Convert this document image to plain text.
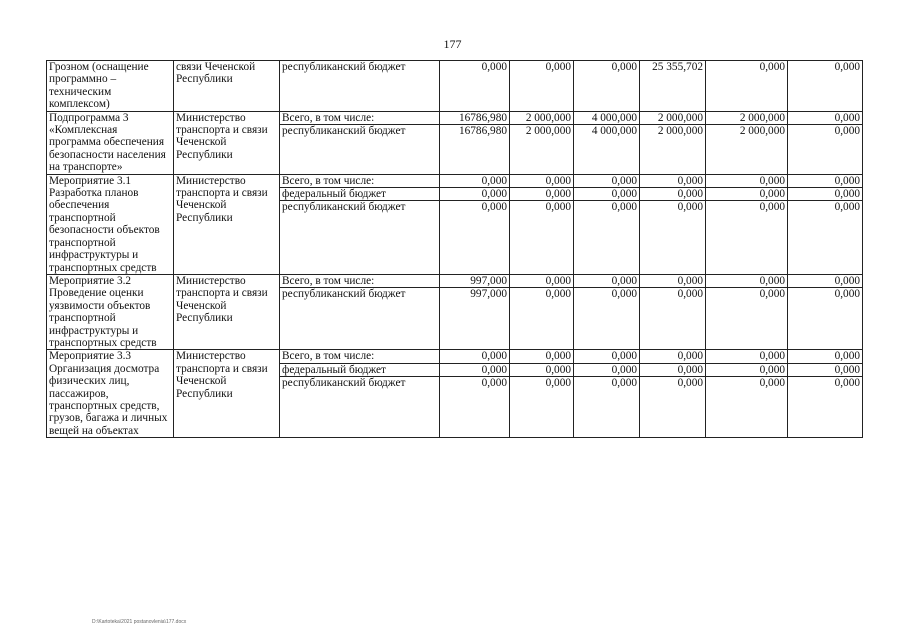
177
Грозном (оснащение программно – техническим комплексом)	связи Чеченской Республики	республиканский бюджет	0,000	0,000	0,000	25 355,702	0,000	0,000
Подпрограмма 3 «Комплексная программа обеспечения безопасности населения на транспорте»	Министерство транспорта и связи Чеченской Республики	Всего, в том числе:	16786,980	2 000,000	4 000,000	2 000,000	2 000,000	0,000
		республиканский бюджет	16786,980	2 000,000	4 000,000	2 000,000	2 000,000	0,000
Мероприятие 3.1 Разработка планов обеспечения транспортной безопасности объектов транспортной инфраструктуры и транспортных средств	Министерство транспорта и связи Чеченской Республики	Всего, в том числе:	0,000	0,000	0,000	0,000	0,000	0,000
		федеральный бюджет	0,000	0,000	0,000	0,000	0,000	0,000
		республиканский бюджет	0,000	0,000	0,000	0,000	0,000	0,000
Мероприятие 3.2 Проведение оценки уязвимости объектов транспортной инфраструктуры и транспортных средств	Министерство транспорта и связи Чеченской Республики	Всего, в том числе:	997,000	0,000	0,000	0,000	0,000	0,000
		республиканский бюджет	997,000	0,000	0,000	0,000	0,000	0,000
Мероприятие 3.3 Организация досмотра физических лиц, пассажиров, транспортных средств, грузов, багажа и личных вещей на объектах	Министерство транспорта и связи Чеченской Республики	Всего, в том числе:	0,000	0,000	0,000	0,000	0,000	0,000
		федеральный бюджет	0,000	0,000	0,000	0,000	0,000	0,000
		республиканский бюджет	0,000	0,000	0,000	0,000	0,000	0,000
D:\Kartoteka\2021 postanovlenia\177.docx
